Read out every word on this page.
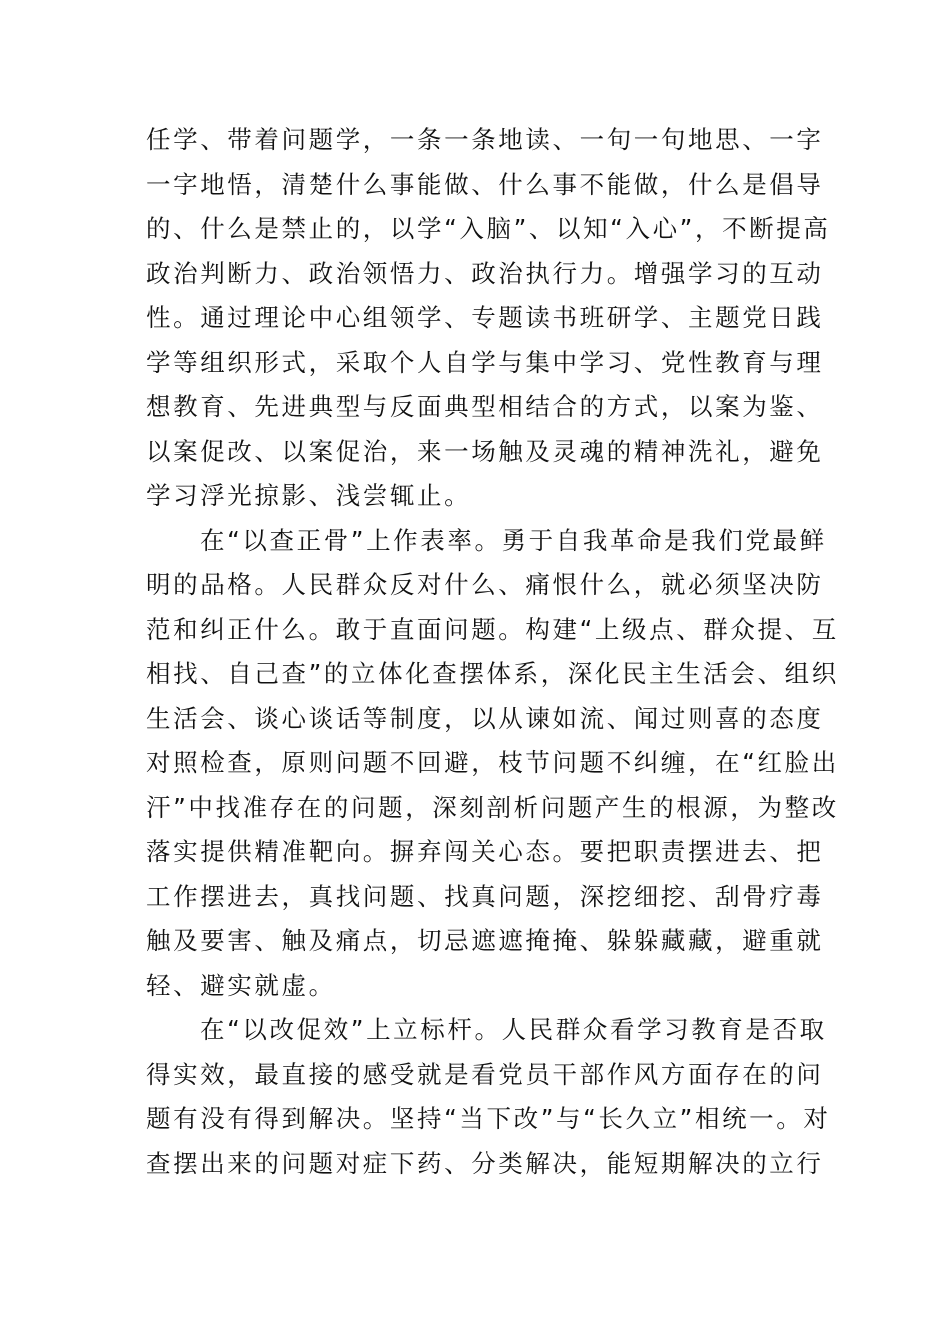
任学、带着问题学，一条一条地读、一句一句地思、一字
一字地悟，清楚什么事能做、什么事不能做，什么是倡导
的、什么是禁止的，以学“入脑”、以知“入心”，不断提高
政治判断力、政治领悟力、政治执行力。增强学习的互动
性。通过理论中心组领学、专题读书班研学、主题党日践
学等组织形式，采取个人自学与集中学习、党性教育与理
想教育、先进典型与反面典型相结合的方式，以案为鉴、
以案促改、以案促治，来一场触及灵魂的精神洗礼，避免
学习浮光掠影、浅尝辄止。
在“以查正骨”上作表率。勇于自我革命是我们党最鲜
明的品格。人民群众反对什么、痛恨什么，就必须坚决防
范和纠正什么。敢于直面问题。构建“上级点、群众提、互
相找、自己查”的立体化查摆体系，深化民主生活会、组织
生活会、谈心谈话等制度，以从谏如流、闻过则喜的态度
对照检查，原则问题不回避，枝节问题不纠缠，在“红脸出
汗”中找准存在的问题，深刻剖析问题产生的根源，为整改
落实提供精准靶向。摒弃闯关心态。要把职责摆进去、把
工作摆进去，真找问题、找真问题，深挖细挖、刮骨疗毒
触及要害、触及痛点，切忌遮遮掩掩、躲躲藏藏，避重就
轻、避实就虚。
在“以改促效”上立标杆。人民群众看学习教育是否取
得实效，最直接的感受就是看党员干部作风方面存在的问
题有没有得到解决。坚持“当下改”与“长久立”相统一。对
查摆出来的问题对症下药、分类解决，能短期解决的立行
